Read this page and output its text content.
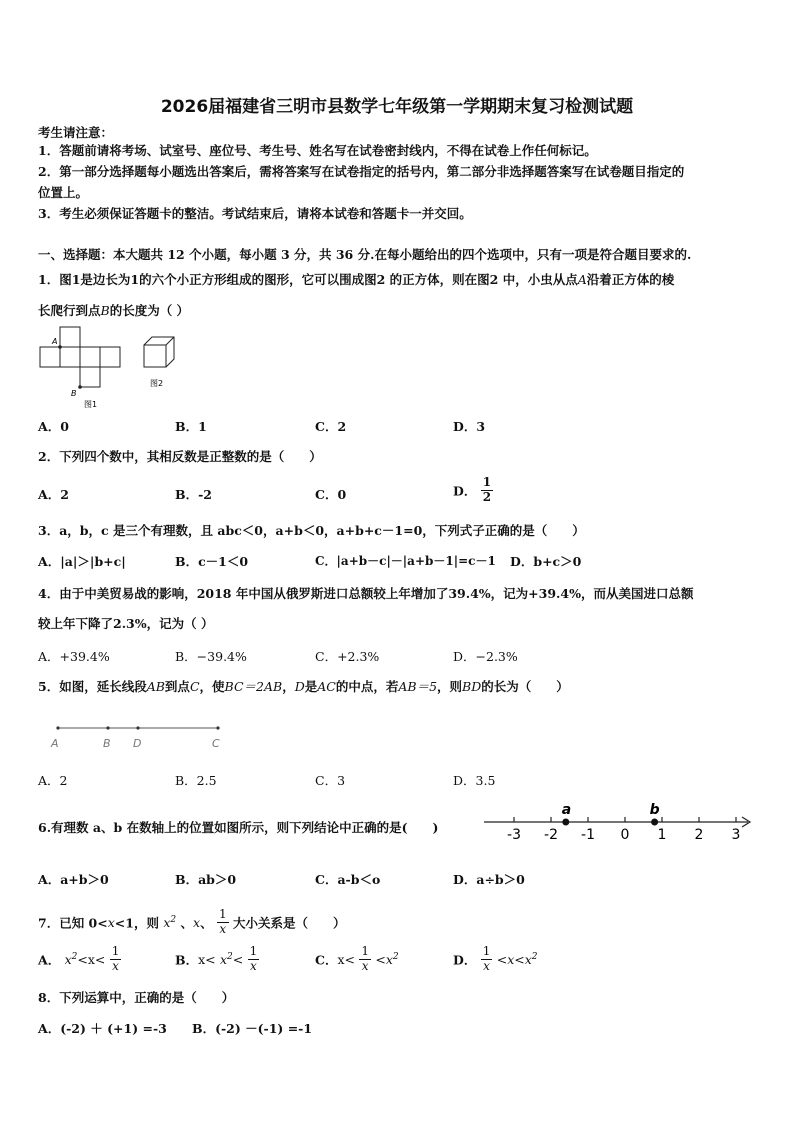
2026届福建省三明市县数学七年级第一学期期末复习检测试题
考生请注意：
1．答题前请将考场、试室号、座位号、考生号、姓名写在试卷密封线内，不得在试卷上作任何标记。
2．第一部分选择题每小题选出答案后，需将答案写在试卷指定的括号内，第二部分非选择题答案写在试卷题目指定的
位置上。
3．考生必须保证答题卡的整洁。考试结束后，请将本试卷和答题卡一并交回。
一、选择题：本大题共 12 个小题，每小题 3 分，共 36 分.在每小题给出的四个选项中，只有一项是符合题目要求的.
1．图1是边长为1的六个小正方形组成的图形，它可以围成图2 的正方体，则在图2 中，小虫从点A沿着正方体的棱
长爬行到点B的长度为（ ）
A
B
图1
图2
A．0	B．1	C．2	D．3
2．下列四个数中，其相反数是正整数的是（　　）
A．2	B．-2	C．0	D． $\frac{1}{2}$
3．a，b，c 是三个有理数，且 abc＜0，a+b＜0，a+b+c－1=0，下列式子正确的是（　　）
A．|a|＞|b+c|	B．c－1＜0	C．|a+b－c|－|a+b－1|=c－1 D．b+c＞0
4．由于中美贸易战的影响，2018 年中国从俄罗斯进口总额较上年增加了39.4%，记为+39.4%，而从美国进口总额
较上年下降了2.3%，记为（ ）
A．+39.4%	B．−39.4%	C．+2.3%	D．−2.3%
5．如图，延长线段AB到点C，使BC＝2AB，D是AC的中点，若AB＝5，则BD的长为（　　）
A	B D	C
A．2	B．2.5	C．3	D．3.5
6.有理数 a、b 在数轴上的位置如图所示，则下列结论中正确的是(　　)	-3 -2 -1 0 1 2 3
a	b
A．a+b＞0	B．ab＞0	C．a-b＜o	D．a÷b＞0
7．已知 0<x<1，则 $x^2$ 、x、 $\frac{1}{x}$ 大小关系是（　　）
A． $x^2<x< \frac{1}{x}$	B．$x< x^2< \frac{1}{x}$	C．$x< \frac{1}{x} <x^2$	D． $\frac{1}{x} <x<x^2$
8．下列运算中，正确的是（　　）
A．(-2) ＋ (+1) =-3 B．(-2) －(-1) =-1
